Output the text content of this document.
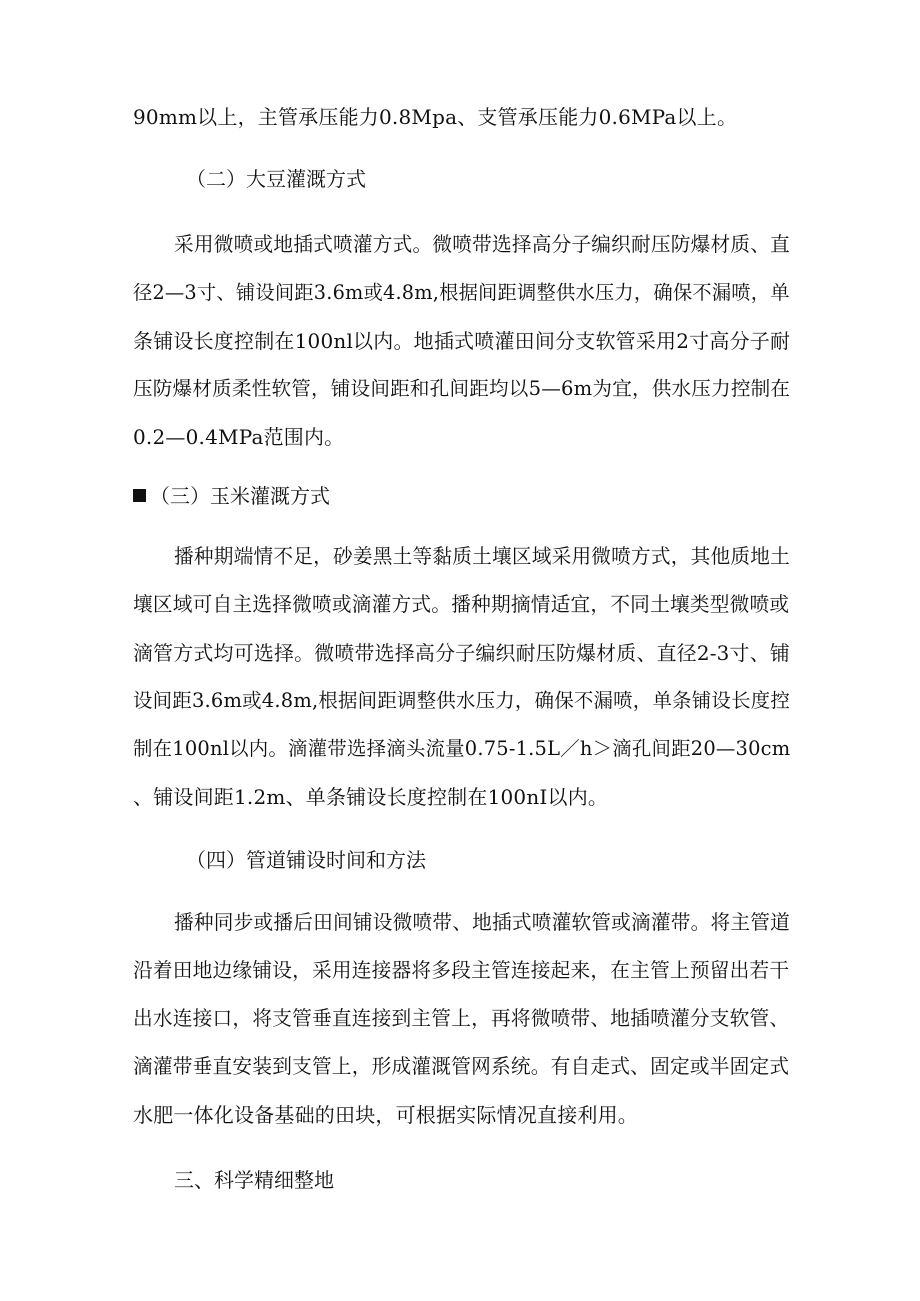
90mm以上，主管承压能力0.8Mpa、支管承压能力0.6MPa以上。
（二）大豆灌溉方式
采用微喷或地插式喷灌方式。微喷带选择高分子编织耐压防爆材质、直
径2—3寸、铺设间距3.6m或4.8m,根据间距调整供水压力，确保不漏喷，单
条铺设长度控制在100nl以内。地插式喷灌田间分支软管采用2寸高分子耐
压防爆材质柔性软管，铺设间距和孔间距均以5—6m为宜，供水压力控制在
0.2—0.4MPa范围内。
（三）玉米灌溉方式
播种期端情不足，砂姜黑土等黏质土壤区域采用微喷方式，其他质地土
壤区域可自主选择微喷或滴灌方式。播种期摘情适宜，不同土壤类型微喷或
滴管方式均可选择。微喷带选择高分子编织耐压防爆材质、直径2-3寸、铺
设间距3.6m或4.8m,根据间距调整供水压力，确保不漏喷，单条铺设长度控
制在100nl以内。滴灌带选择滴头流量0.75-1.5L／h＞滴孔间距20—30cm
、铺设间距1.2m、单条铺设长度控制在100nI以内。
（四）管道铺设时间和方法
播种同步或播后田间铺设微喷带、地插式喷灌软管或滴灌带。将主管道
沿着田地边缘铺设，采用连接器将多段主管连接起来，在主管上预留出若干
出水连接口，将支管垂直连接到主管上，再将微喷带、地插喷灌分支软管、
滴灌带垂直安装到支管上，形成灌溉管网系统。有自走式、固定或半固定式
水肥一体化设备基础的田块，可根据实际情况直接利用。
三、科学精细整地
